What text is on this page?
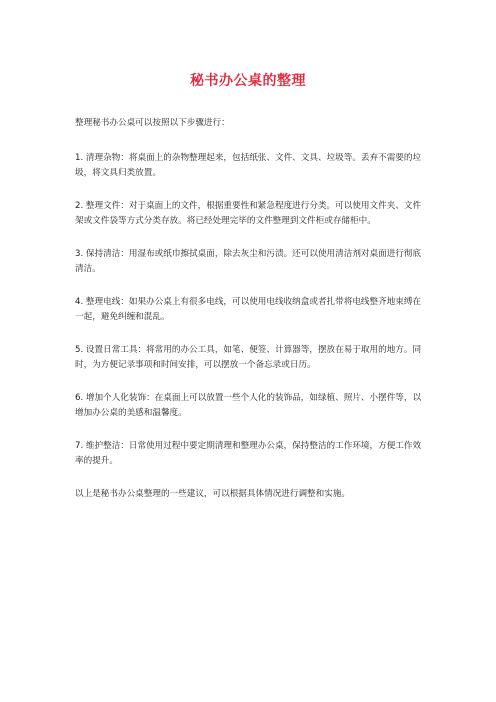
秘书办公桌的整理

整理秘书办公桌可以按照以下步骤进行：

1. 清理杂物：将桌面上的杂物整理起来，包括纸张、文件、文具、垃圾等。丢弃不需要的垃圾，将文具归类放置。

2. 整理文件：对于桌面上的文件，根据重要性和紧急程度进行分类。可以使用文件夹、文件架或文件袋等方式分类存放。将已经处理完毕的文件整理到文件柜或存储柜中。

3. 保持清洁：用湿布或纸巾擦拭桌面，除去灰尘和污渍。还可以使用清洁剂对桌面进行彻底清洁。

4. 整理电线：如果办公桌上有很多电线，可以使用电线收纳盒或者扎带将电线整齐地束缚在一起，避免纠缠和混乱。

5. 设置日常工具：将常用的办公工具，如笔、便签、计算器等，摆放在易于取用的地方。同时，为方便记录事项和时间安排，可以摆放一个备忘录或日历。

6. 增加个人化装饰：在桌面上可以放置一些个人化的装饰品，如绿植、照片、小摆件等，以增加办公桌的美感和温馨度。

7. 维护整洁：日常使用过程中要定期清理和整理办公桌，保持整洁的工作环境，方便工作效率的提升。

以上是秘书办公桌整理的一些建议，可以根据具体情况进行调整和实施。
